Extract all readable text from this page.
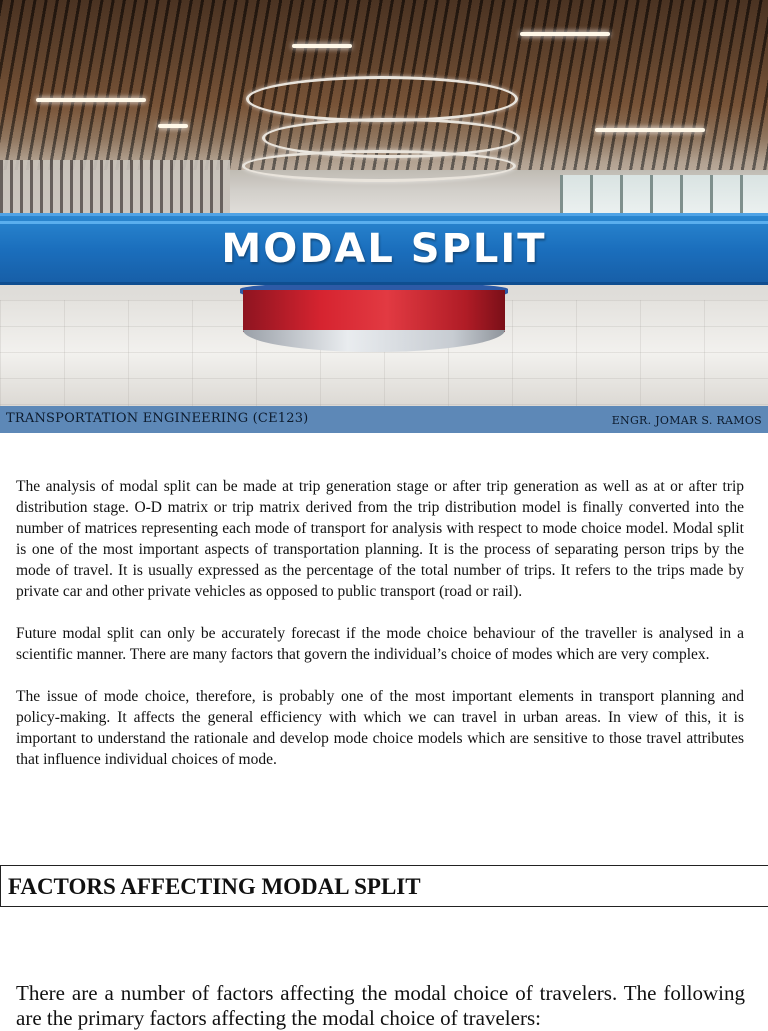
MODAL SPLIT
TRANSPORTATION ENGINEERING (CE123)	ENGR. JOMAR S. RAMOS

The analysis of modal split can be made at trip generation stage or after trip generation as well as at or after trip distribution stage. O-D matrix or trip matrix derived from the trip distribution model is finally converted into the number of matrices representing each mode of transport for analysis with respect to mode choice model. Modal split is one of the most important aspects of transportation planning. It is the process of separating person trips by the mode of travel. It is usually expressed as the percentage of the total number of trips. It refers to the trips made by private car and other private vehicles as opposed to public transport (road or rail).

Future modal split can only be accurately forecast if the mode choice behaviour of the traveller is analysed in a scientific manner. There are many factors that govern the individual’s choice of modes which are very complex.

The issue of mode choice, therefore, is probably one of the most important elements in transport planning and policy-making. It affects the general efficiency with which we can travel in urban areas. In view of this, it is important to understand the rationale and develop mode choice models which are sensitive to those travel attributes that influence individual choices of mode.

FACTORS AFFECTING MODAL SPLIT
There are a number of factors affecting the modal choice of travelers. The following are the primary factors affecting the modal choice of travelers:
